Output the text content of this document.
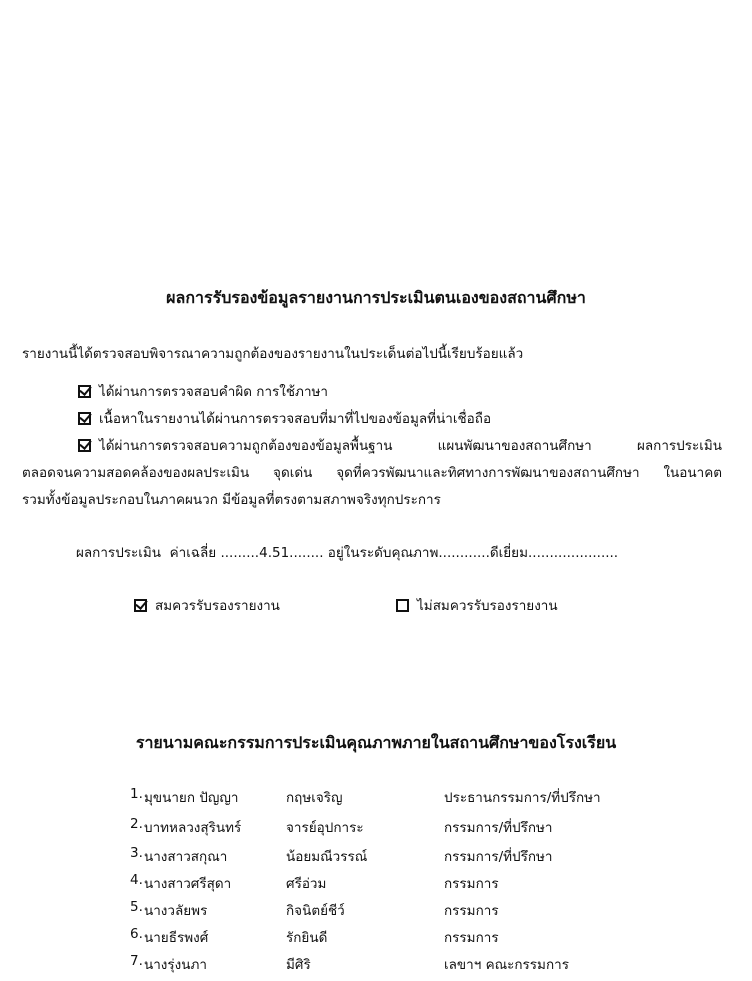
ผลการรับรองข้อมูลรายงานการประเมินตนเองของสถานศึกษา
รายงานนี้ได้ตรวจสอบพิจารณาความถูกต้องของรายงานในประเด็นต่อไปนี้เรียบร้อยแล้ว
ได้ผ่านการตรวจสอบคำผิด การใช้ภาษา
เนื้อหาในรายงานได้ผ่านการตรวจสอบที่มาที่ไปของข้อมูลที่น่าเชื่อถือ
ได้ผ่านการตรวจสอบความถูกต้องของข้อมูลพื้นฐาน	แผนพัฒนาของสถานศึกษา	ผลการประเมิน
ตลอดจนความสอดคล้องของผลประเมิน จุดเด่น จุดที่ควรพัฒนาและทิศทางการพัฒนาของสถานศึกษา ในอนาคต
รวมทั้งข้อมูลประกอบในภาคผนวก มีข้อมูลที่ตรงตามสภาพจริงทุกประการ
ผลการประเมิน  ค่าเฉลี่ย .........4.51........ อยู่ในระดับคุณภาพ............ดีเยี่ยม.....................
สมควรรับรองรายงาน	ไม่สมควรรับรองรายงาน
รายนามคณะกรรมการประเมินคุณภาพภายในสถานศึกษาของโรงเรียน
1. มุขนายก ปัญญา	กฤษเจริญ	ประธานกรรมการ/ที่ปรึกษา
2. บาทหลวงสุรินทร์	จารย์อุปการะ	กรรมการ/ที่ปรึกษา
3. นางสาวสกุณา	น้อยมณีวรรณ์	กรรมการ/ที่ปรึกษา
4. นางสาวศรีสุดา	ศรีอ่วม	กรรมการ
5. นางวลัยพร	กิจนิตย์ชีว์	กรรมการ
6. นายธีรพงศ์	รักยินดี	กรรมการ
7. นางรุ่งนภา	มีศิริ	เลขาฯ คณะกรรมการ
